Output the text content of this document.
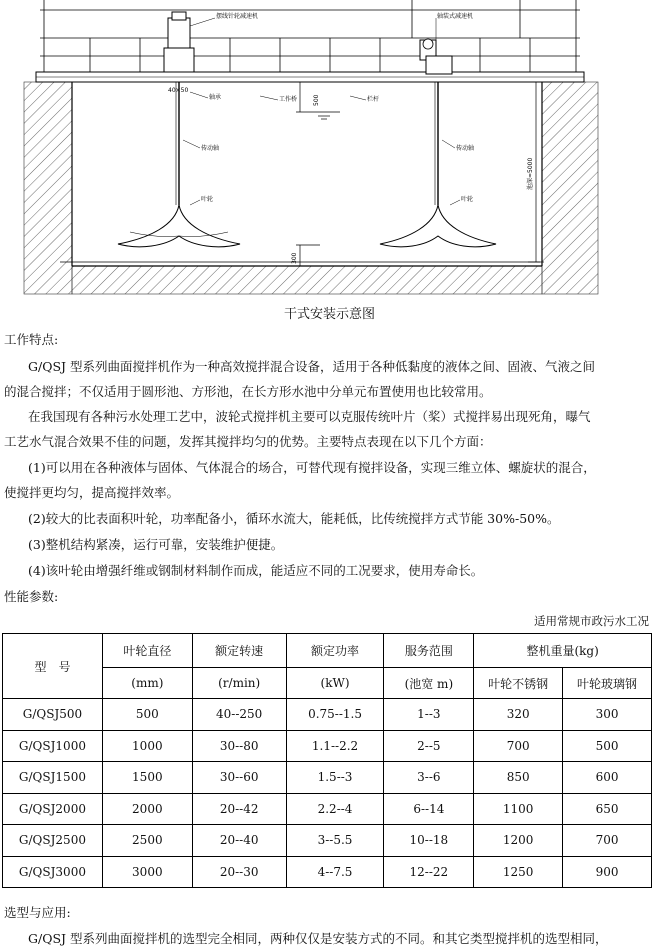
摆线针轮减速机	轴装式减速机
轴承	工作桥	栏杆
传动轴	传动轴
叶轮	叶轮
40×50
500
300
池深≈5000
干式安装示意图
工作特点:
G/QSJ 型系列曲面搅拌机作为一种高效搅拌混合设备，适用于各种低黏度的液体之间、固液、气液之间
的混合搅拌；不仅适用于圆形池、方形池，在长方形水池中分单元布置使用也比较常用。
在我国现有各种污水处理工艺中，波轮式搅拌机主要可以克服传统叶片（桨）式搅拌易出现死角，曝气
工艺水气混合效果不佳的问题，发挥其搅拌均匀的优势。主要特点表现在以下几个方面：
(1)可以用在各种液体与固体、气体混合的场合，可替代现有搅拌设备，实现三维立体、螺旋状的混合，
使搅拌更均匀，提高搅拌效率。
(2)较大的比表面积叶轮，功率配备小，循环水流大，能耗低，比传统搅拌方式节能 30%-50%。
(3)整机结构紧凑，运行可靠，安装维护便捷。
(4)该叶轮由增强纤维或钢制材料制作而成，能适应不同的工况要求，使用寿命长。
性能参数:
适用常规市政污水工况
型　号	叶轮直径	额定转速	额定功率	服务范围	整机重量(kg)	
	(mm)	(r/min)	(kW)	(池宽 m)	叶轮不锈钢	叶轮玻璃钢
G/QSJ500	500	40--250	0.75--1.5	1--3	320	300
G/QSJ1000	1000	30--80	1.1--2.2	2--5	700	500
G/QSJ1500	1500	30--60	1.5--3	3--6	850	600
G/QSJ2000	2000	20--42	2.2--4	6--14	1100	650
G/QSJ2500	2500	20--40	3--5.5	10--18	1200	700
G/QSJ3000	3000	20--30	4--7.5	12--22	1250	900
选型与应用:
G/QSJ 型系列曲面搅拌机的选型完全相同，两种仅仅是安装方式的不同。和其它类型搅拌机的选型相同，
